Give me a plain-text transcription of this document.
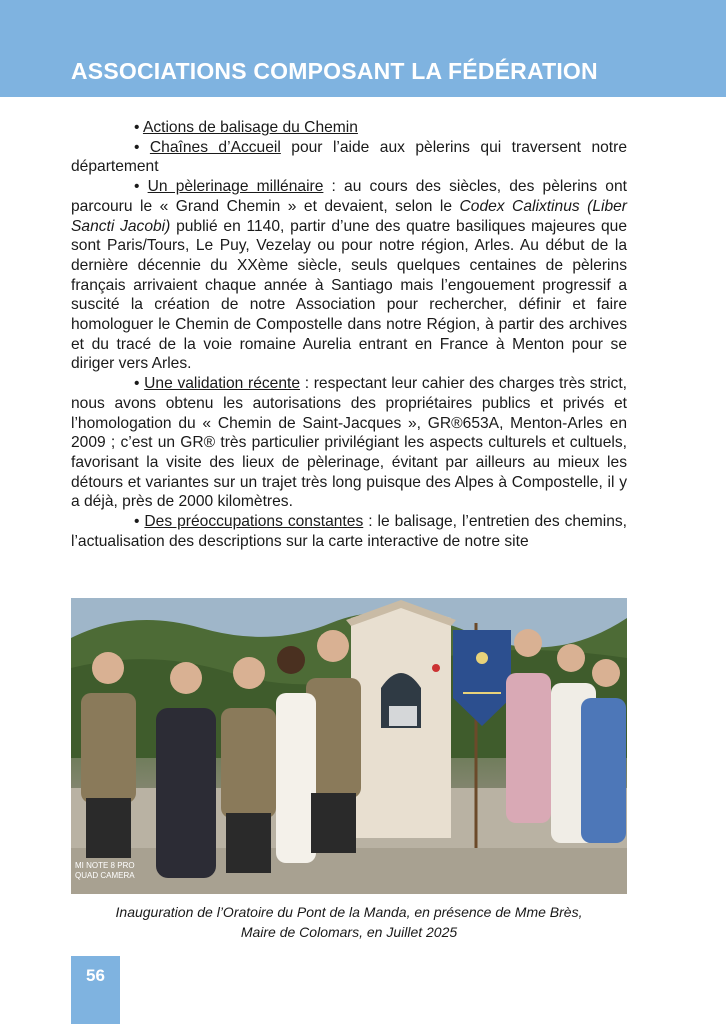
ASSOCIATIONS COMPOSANT LA FÉDÉRATION

• Actions de balisage du Chemin

• Chaînes d’Accueil pour l’aide aux pèlerins qui traversent notre département

• Un pèlerinage millénaire : au cours des siècles, des pèlerins ont parcouru le « Grand Chemin » et devaient, selon le Codex Calixtinus (Liber Sancti Jacobi) publié en 1140, partir d’une des quatre basiliques majeures que sont Paris/Tours, Le Puy, Vezelay ou pour notre région, Arles. Au début de la dernière décennie du XXème siècle, seuls quelques centaines de pèlerins français arrivaient chaque année à Santiago mais l’engouement progressif a suscité la création de notre Association pour rechercher, définir et faire homologuer le Chemin de Compostelle dans notre Région, à partir des archives et du tracé de la voie romaine Aurelia entrant en France à Menton pour se diriger vers Arles.

• Une validation récente : respectant leur cahier des charges très strict, nous avons obtenu les autorisations des propriétaires publics et privés et l’homologation du « Chemin de Saint-Jacques », GR®653A, Menton-Arles en 2009 ; c’est un GR® très particulier privilégiant les aspects culturels et cultuels, favorisant la visite des lieux de pèlerinage, évitant par ailleurs au mieux les détours et variantes sur un trajet très long puisque des Alpes à Compostelle, il y a déjà, près de 2000 kilomètres.

• Des préoccupations constantes : le balisage, l’entretien des chemins, l’actualisation des descriptions sur la carte interactive de notre site

MI NOTE 8 PRO
QUAD CAMERA

Inauguration de l’Oratoire du Pont de la Manda, en présence de Mme Brès,

Maire de Colomars, en Juillet 2025

56
